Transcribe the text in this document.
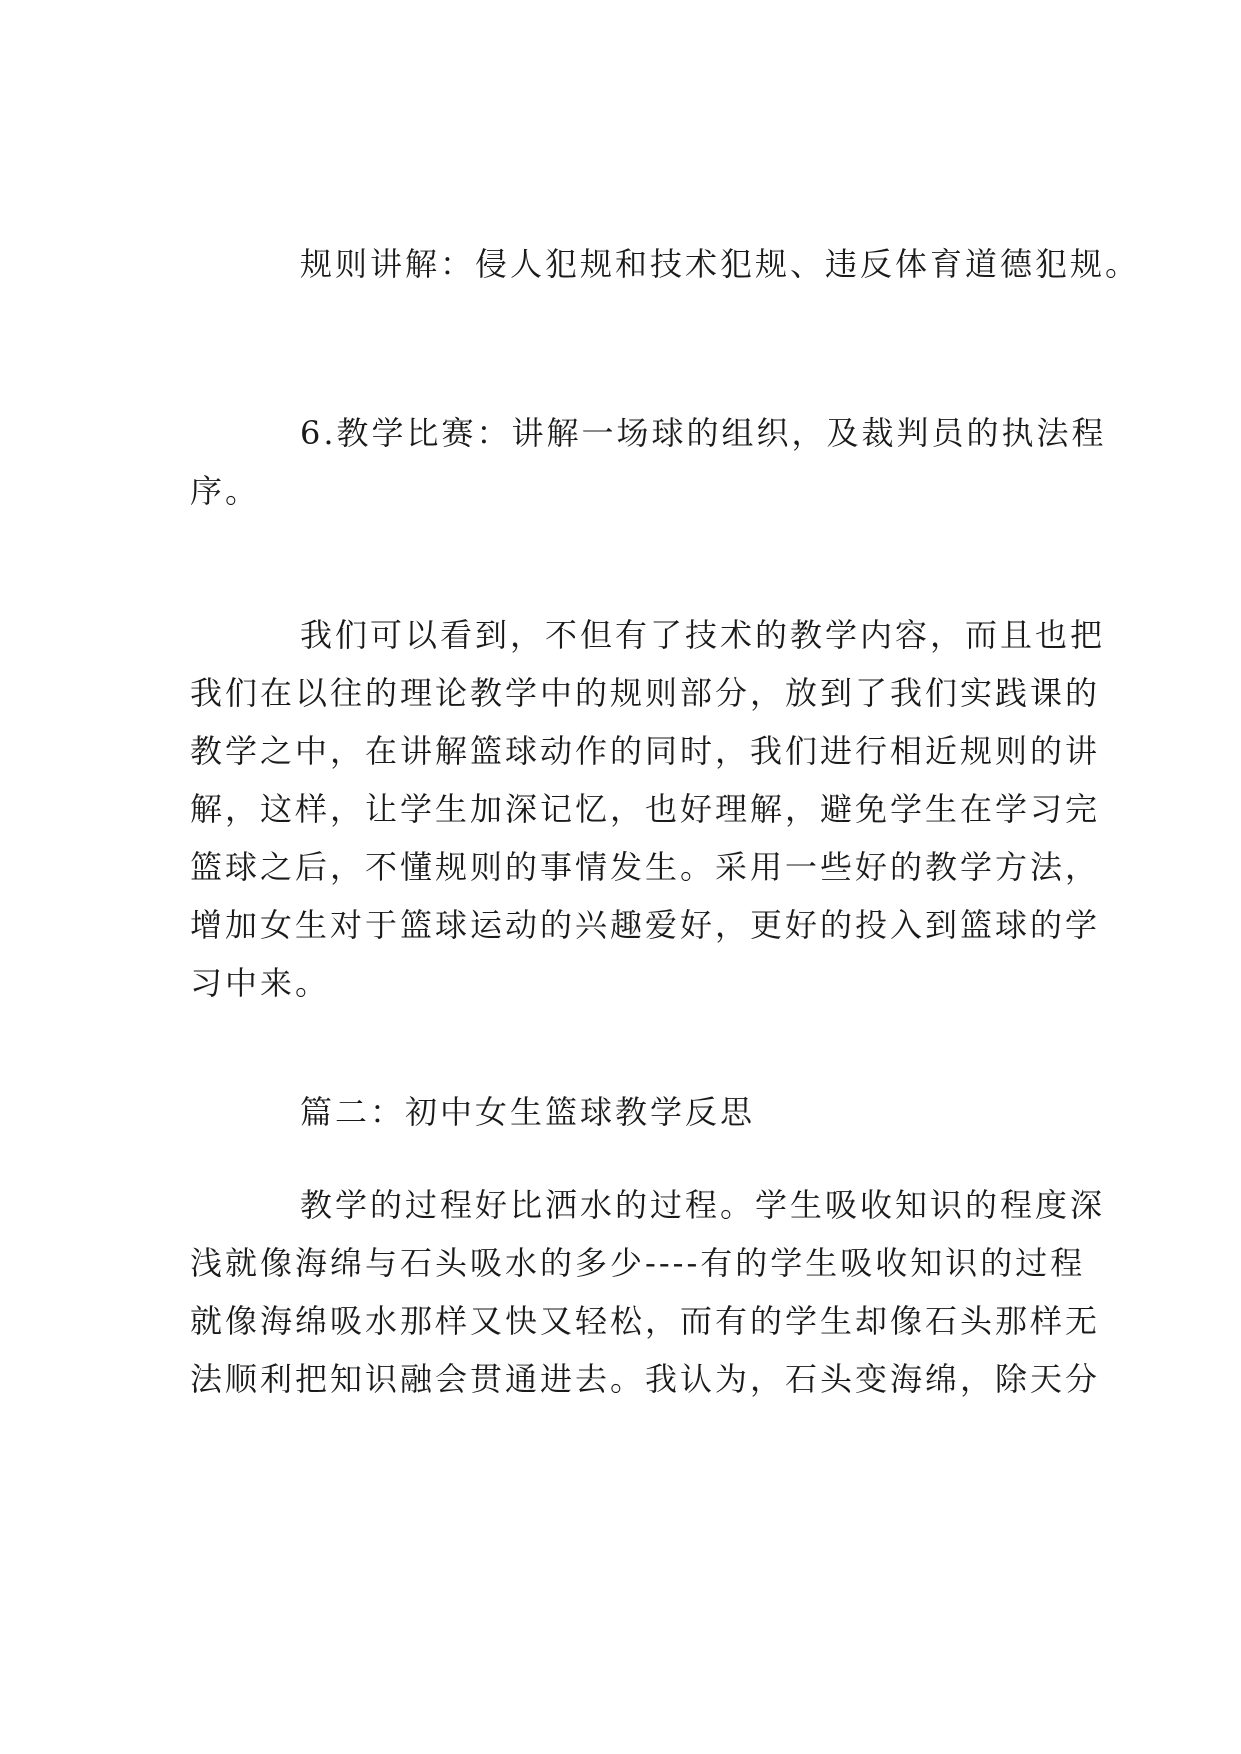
规则讲解：侵人犯规和技术犯规、违反体育道德犯规。

6.教学比赛：讲解一场球的组织，及裁判员的执法程
序。

我们可以看到，不但有了技术的教学内容，而且也把
我们在以往的理论教学中的规则部分，放到了我们实践课的
教学之中，在讲解篮球动作的同时，我们进行相近规则的讲
解，这样，让学生加深记忆，也好理解，避免学生在学习完
篮球之后，不懂规则的事情发生。采用一些好的教学方法，
增加女生对于篮球运动的兴趣爱好，更好的投入到篮球的学
习中来。

篇二：初中女生篮球教学反思

教学的过程好比洒水的过程。学生吸收知识的程度深
浅就像海绵与石头吸水的多少----有的学生吸收知识的过程
就像海绵吸水那样又快又轻松，而有的学生却像石头那样无
法顺利把知识融会贯通进去。我认为，石头变海绵，除天分
